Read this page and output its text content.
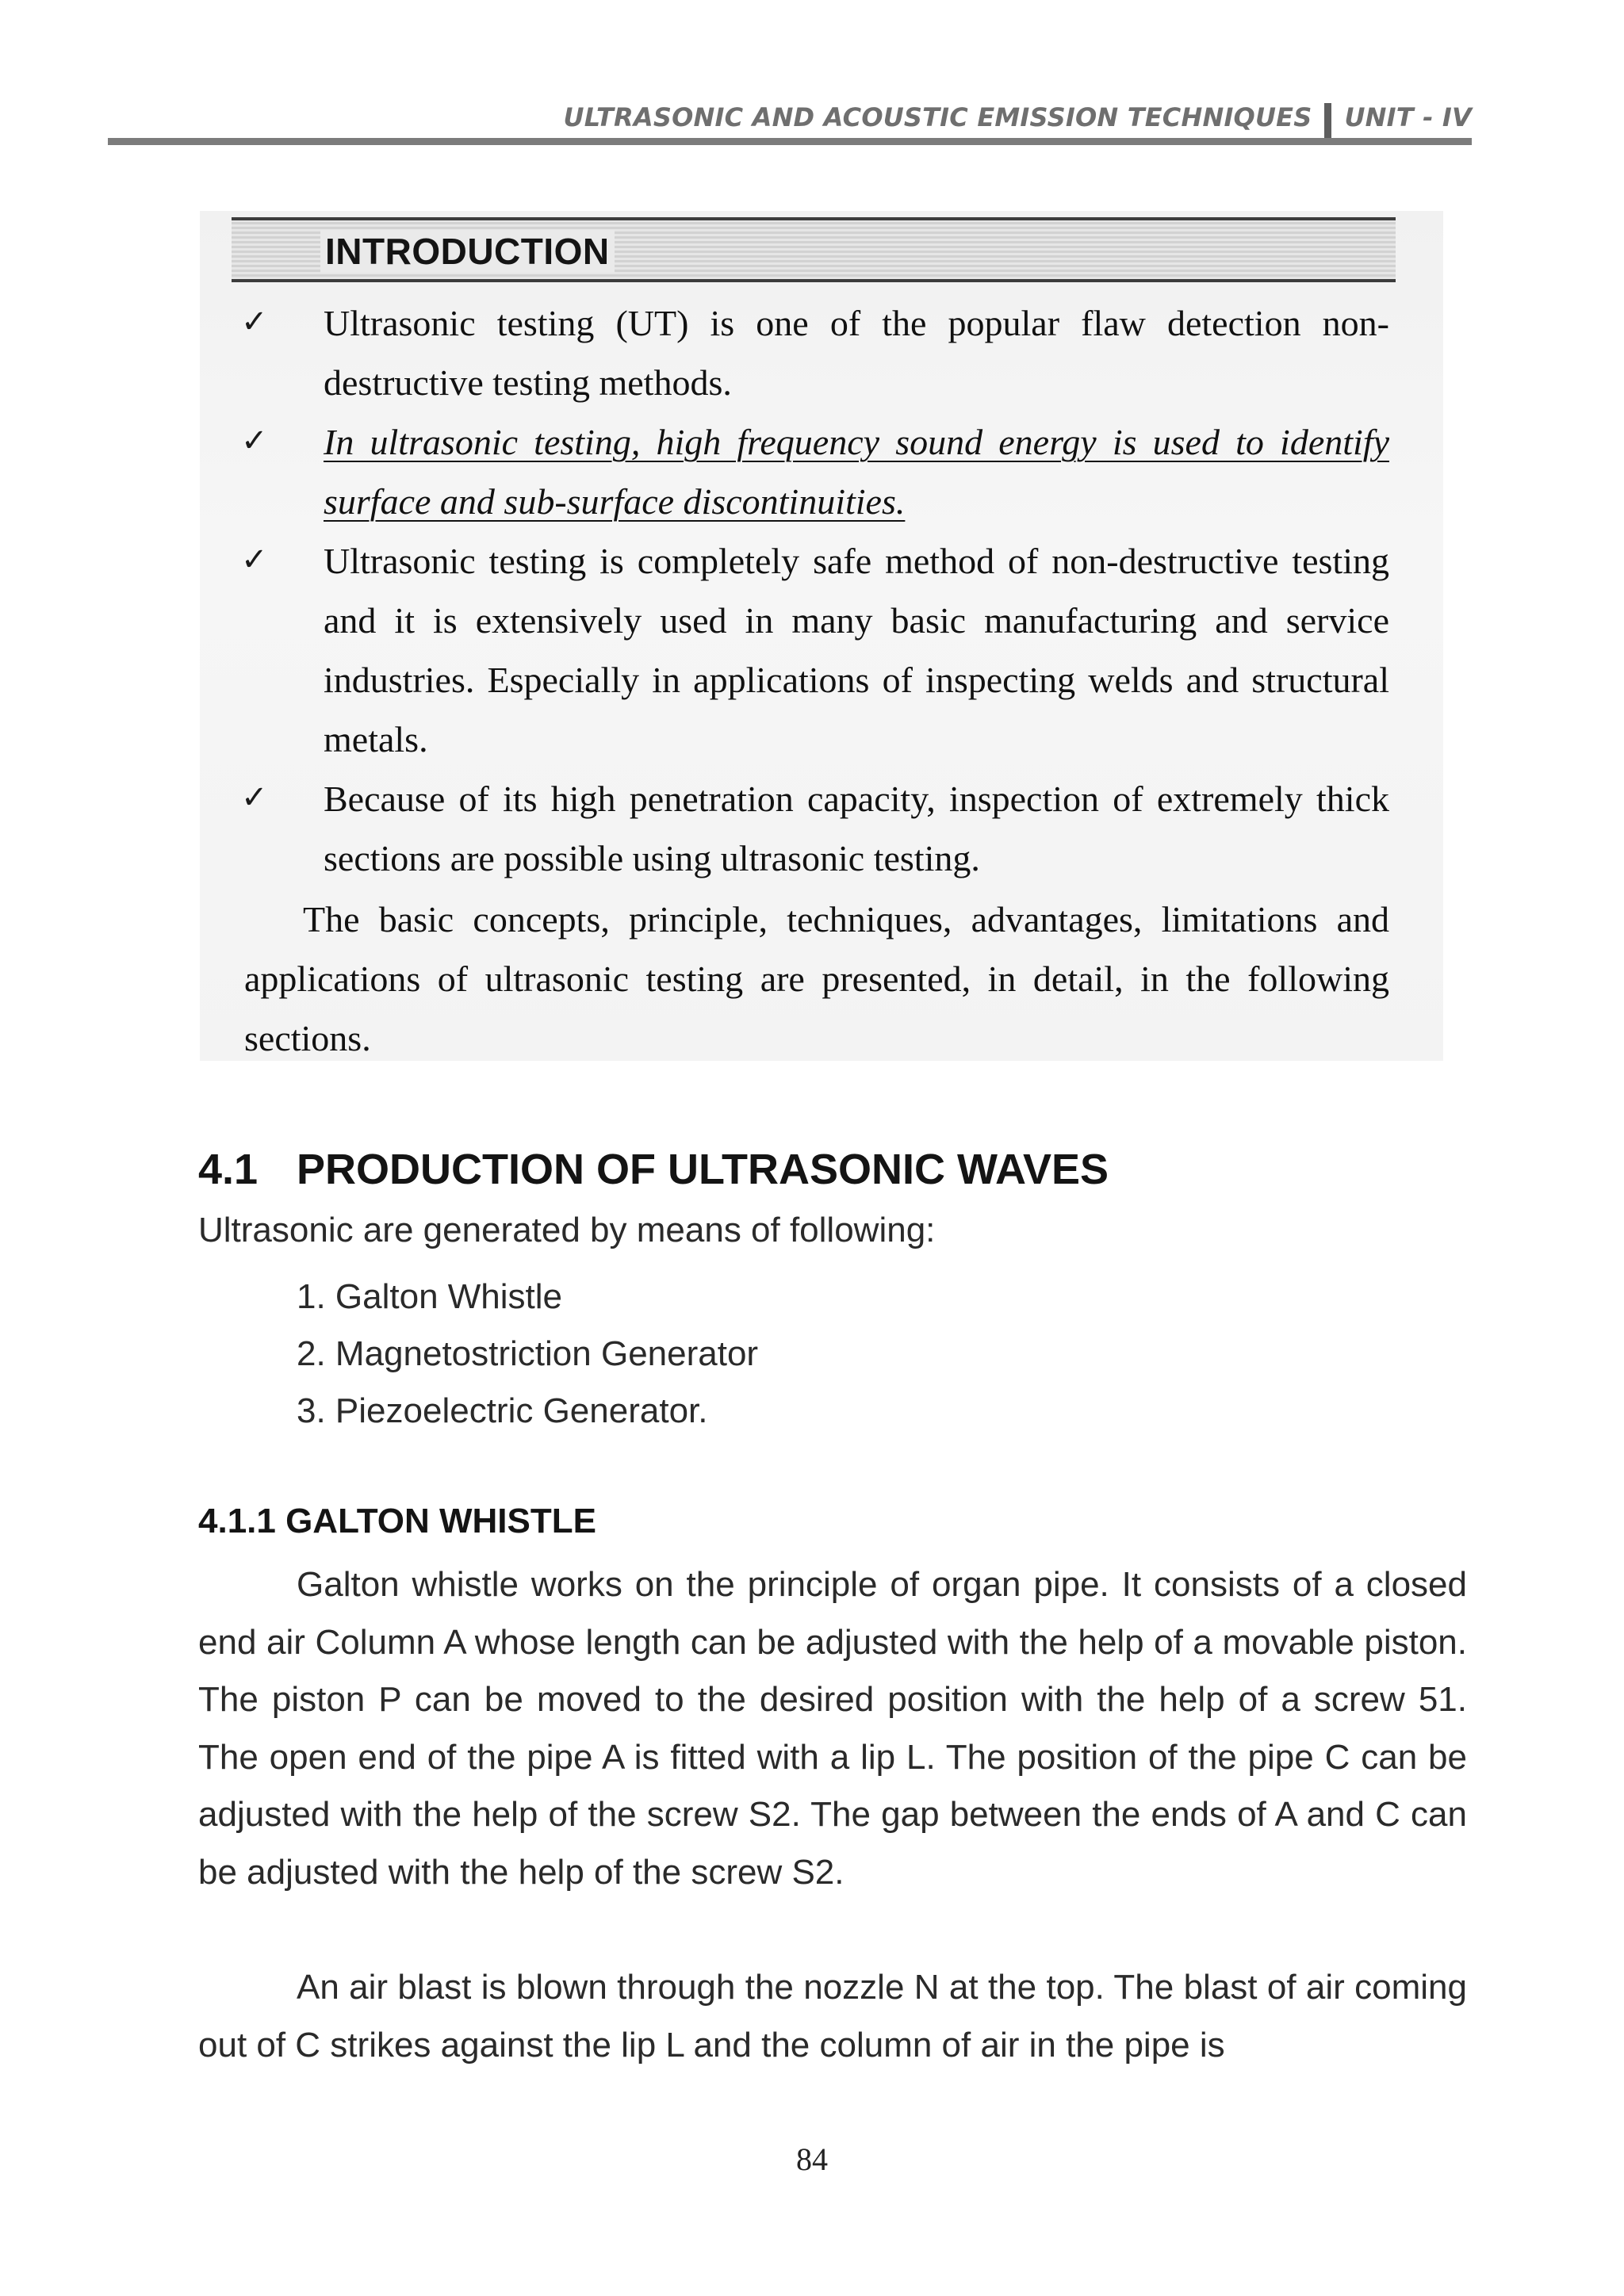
ULTRASONIC AND ACOUSTIC EMISSION TECHNIQUES UNIT - IV
INTRODUCTION
✓ Ultrasonic testing (UT) is one of the popular flaw detection non-destructive testing methods.
✓ In ultrasonic testing, high frequency sound energy is used to identify surface and sub-surface discontinuities.
✓ Ultrasonic testing is completely safe method of non-destructive testing and it is extensively used in many basic manufacturing and service industries. Especially in applications of inspecting welds and structural metals.
✓ Because of its high penetration capacity, inspection of extremely thick sections are possible using ultrasonic testing.
The basic concepts, principle, techniques, advantages, limitations and applications of ultrasonic testing are presented, in detail, in the following sections.
4.1 PRODUCTION OF ULTRASONIC WAVES
Ultrasonic are generated by means of following:
1. Galton Whistle
2. Magnetostriction Generator
3. Piezoelectric Generator.
4.1.1 GALTON WHISTLE
Galton whistle works on the principle of organ pipe. It consists of a closed end air Column A whose length can be adjusted with the help of a movable piston. The piston P can be moved to the desired position with the help of a screw 51. The open end of the pipe A is fitted with a lip L. The position of the pipe C can be adjusted with the help of the screw S2. The gap between the ends of A and C can be adjusted with the help of the screw S2.
An air blast is blown through the nozzle N at the top. The blast of air coming out of C strikes against the lip L and the column of air in the pipe is
84
